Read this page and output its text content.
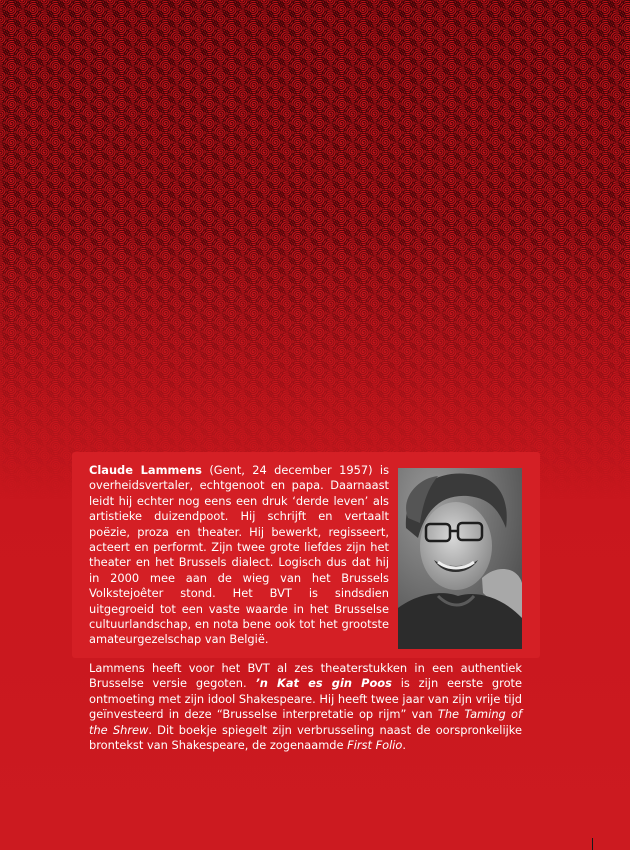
Claude Lammens (Gent, 24 december 1957) is overheidsvertaler, echtgenoot en papa. Daarnaast leidt hij echter nog eens een druk ‘derde leven’ als artistieke duizendpoot. Hij schrijft en vertaalt poëzie, proza en theater. Hij bewerkt, regisseert, acteert en performt. Zijn twee grote liefdes zijn het theater en het Brussels dialect. Logisch dus dat hij in 2000 mee aan de wieg van het Brussels Volkstejoêter stond. Het BVT is sindsdien uitgegroeid tot een vaste waarde in het Brusselse cultuurlandschap, en nota bene ook tot het grootste amateurgezelschap van België.

Lammens heeft voor het BVT al zes theaterstukken in een authentiek Brusselse versie gegoten. ’n Kat es gin Poos is zijn eerste grote ontmoeting met zijn idool Shakespeare. Hij heeft twee jaar van zijn vrije tijd geïnvesteerd in deze “Brusselse interpretatie op rijm” van The Taming of the Shrew. Dit boekje spiegelt zijn verbrusseling naast de oorspronkelijke brontekst van Shakespeare, de zogenaamde First Folio.
